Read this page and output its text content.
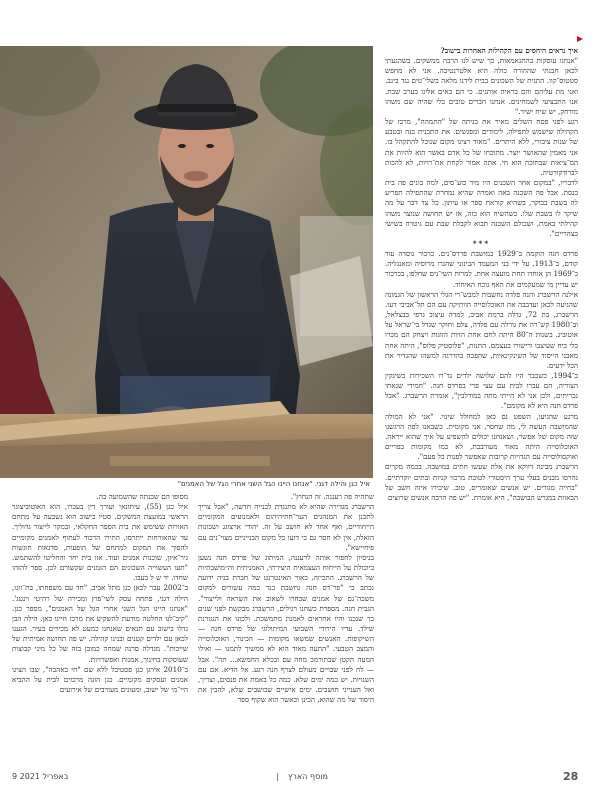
איל כגן והילה דגני. "אנחנו היינו הגל השני אחרי הגל של האמנים"

איך נראים היחסים עם הקהילות האחרות בישוב?

"אנחנו עוסקות בהתנאמאות, כך שיש לנו הרבה ממשקים. בשהגעתי לכאן חבנתי שההורה כולה היא אלטרנטיבה. אני לא מחפש סטטוס־קוו. התנית של השכונים בבית לידנו מלאה בשלי־טים נגד בינב. ואני מת עליהם והם בראיה אותנים. כי הם באים אלינו בערב שבת. אנו התבציעי לשמחינים. אנחנו חברים טובים בלי שהיה שם משהו מודחק, יש שיח ישיר."

רגע לפני פסח השלים מאיר את בניתה של "התמהה", מרכז של הקהילה שישמש לתפילה, לימודים ומפגשים. את התכנית בנה ובטבע של שנות ציבורי, ללא היתרים. "מאוד רצינו מקום שנוכל להתקהל בו. אני מאמין שהאושר יוצר. מתוכחו של כל אדם באשר הוא להיות את המ־ציאות שבתוכה הוא חי. אתה אמור לקחת את־רויות, לא להכות לברודקורטיה.

לדבריו, "במקום אחר השכנים היו מיד כוע־סים, למה בונים פה בית כנסת. אבל פה השכנה באה ואמרה שהיא נמחרת שהתפילה תפריע לה בשבת בבוקר, בשהיא קוראת ספר או עיתון. כל צד דבר על מה שיקר לו בשבת שלו. כשהשיח הוא כזה, אז יש תחושה שנוצר משהו קהילתי באמת, ושכולם השכנה תבוא לקבלת שבת עם גיטרה בשישי בצהריים".

***

פרדס חנה הוקמה ב־1929 כמושבת פרדס־נים. כרכור נוסדה עוד קודם, ב־1913, על ידי בני המעמד הבינוני שהגרו מרוסיה ומאנגליה. ב־1969 הן אוחדו תחת מועצה אחת. למרות השי־נים שחלפו, בכרכור יש עדיין מי שמעקמים את האף נוכח האיחוד.

אילנה הרשברג והנה פלדה נחשבות למבש־רי הגלי הראשון של הגמונה שהגיעה לכאן ועדבבה את האוכלוסייה הוותיקה עם הם תל־אביבי דעו. הרשברג, בת 72, גדלה ברמת אביב, למדה עיצוב גרפי בבצלאל, וב־1980 קש־רה את גורלה עם פלדה, צלם וחוקר שגדל בי־שראל על אוטוביג. בשנות ה־80 היתה לחם אחת הזיות הזוגות ויצחק הם מכרו בלי כיח שעיצבו ורישורו בעצמם. התנות, "פלוסטיק פלוס", היתה אחת מאבני הייסוד של השינקינאיות, שהפכה בהדרגה למשהו שהגדיר את הכל ידעים.

ב־1994, כשכבר היו להם שלושה ילדים גד־רו השכירות בשינקין הצוריה, הם עברו לבית עם עצי פרי בפרדס חנה. "חמידי שגאתי נכריתים, ולכן אני לא הייתי מתה במודלבין", אומרת הרשברג. "אבל פרדס חנה היא לא מקומם".

מרגע שהגיעו, השפט נס כאן למחולל שינוי. "אני לא המולה שהמושבה העשה לי, מה שחסר, אני מקומית. כשבאנו לפה הרגשנו שזה מקום של אפשר, ושאנחנו יכולים להשפיע על איך שהוא ייראה. האוכלוסייה היתה מאוד מעורבבת, לא כמו מקומות בפריים ואוקסולוסייה עם הגדויות קרובות שאפשר לפנות כל פעם".

הרשברג מבינה דווקא את אלה שעשו חתים במושבה. בכמה מקרים נהרסו מבנים בעלי ערך היסטורי לטובת מרכזי קניות ובתים יוקרתיים. "בחייה מגורים. יש אנשים שאומרים, טוב. שיכירו איזה חשב של הבאוות במגרש הבושבה", היא אומרת. "יש פה הרבה אנשים שרוצים

שתהיה פה רעננה. זה הנחוץ".

הרשברג מגדירה שהיא לא מתנגדת לבנייה חדשה, "אבל צריך לתכנן את המנהגים הער־חתיהיהום ולאמנועים המקומיים הייחודיים, ואף אחד לא חושב על זה. יהודי ארצוגג ושכונות הזאלה, אין לא חסר גם כי דועו כל מקום הבנייניים מצוי־נים עם פיחיישא".

בניסיון לחפור אותה לרעננה, המיתוג של פרדס חנה נשען ביוכולת על הייחוח העצמאית היצירתי, האמניתית וה״מושבתיות של הרשברג. התכיזה. כאור האינטרנט של חברת בניה ידועה נכתב כי "פר־דס חנה נחשבת כנר כמה עשורים למקום משכה־נם של אמנים שבחרו לשאוב את השראה ולייצור". הגבית חנה. מספרת כשחנו רגילים, הרשברג מבקשת לפני שנים כך שנכנו והיו אחראים לאמנת מתמשכת. ולכונו את הנגורנת שילד. עדיו הירודי השבועי המיתולוגי של פרדס חנה — השיקופות. האנשים שמשאו מקומות — הכינור, האוכלוסייה והמצב הטבעי. "התעה מאוד הוא לא ממשיך לתמנו — ואילו המעה הקטן שבתורמב מחה עם ובכלא החמשא... תה". אבל — לח לפני שבויים מעולם לצרף חנה רגע. אל הדיא. אם עם השנויות. יש כמה ימים שלא. כמה כל באמת את פנסים, וצריך, ואל הענייני תושבים. ימים אישיים שבושבים שלא, להבין את היסוד של מה שהוא, הכינן וכאשר הוא שקוף ספר

מסופו הם שכנתה שהשמועה בה.

איל כגן (55), עיתונאי ועורך דין בעברו, הוא האוטוביצוגר הראשי במועצת המשקים. סטיו בישוב הוא נשבעה על מתחם האורות ששימש את בית הספר החקלאי, ובמקר לייצור גדוליך. עד שהאורחות ייתרסו, התירו הרכוד לעתוף לאמנים מקומיים להפוך את המקום למתחם של הופעות, סדנאות חוגשות גיר־איזן, שוכנות אמנים ועוד. אזו בית יחד והחליטו להשתמש. "תעו העשוייה השכונים הם הזמנים שקשורם לכן. ספר להזהו שחדו. יד ש ל בעבו.

ב־2002 עבר לכאן כגן מתל אביב, "חד עם משפחתו, בת־זוגו, הילה דגני, פתחה עסק לשי־פוץ ומכירה של רהיטי וינטג'. "אנחנו היינו הגל השני אחרי הגל של האמנים", מספר כגן. "קיב־לנו החלטה מודעת להשקיע את מרכז חיינו כאן. הילה הבן גדלו בישוב עם תנאים שאנחנו כמעט לא מכירים בעיר. הגענו לכאן עם ילדים קטנים ובנינו קהילה. יש פה תחושה אמיתית של שייכות". מגדלה סרנה שמחה כמובן בזה של כל מיני קבוצות שעוסקות בחינוך, אמנות ואפשרויות.

ב־2010 אירגן כגן פסטיבל ללא שם "חי באהבה", שבו הציגו אמנים ועסקים מקומיים. כגן הוגה מרכזים לבית על ההביא היי־מי של ישוב, ומעונים מעורבים של אירועים

28
מוסף הארץ
|
9 באפריל 2021
